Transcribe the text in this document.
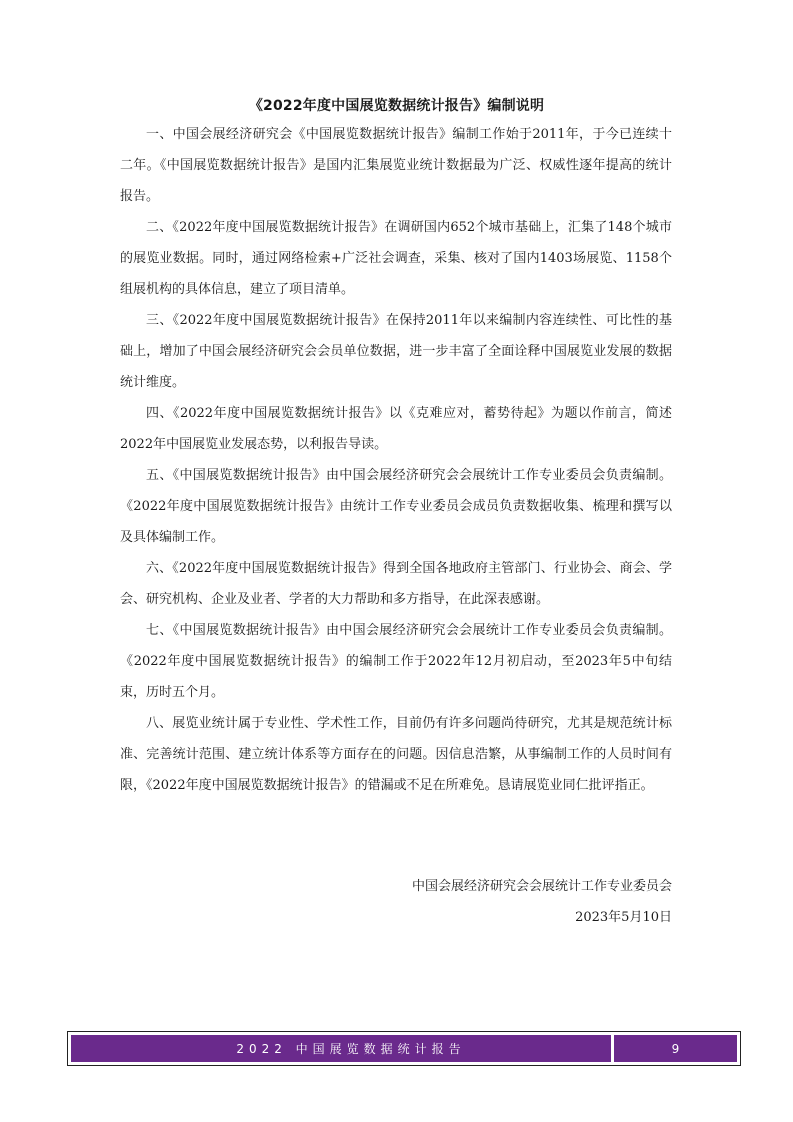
《2022年度中国展览数据统计报告》编制说明

一、中国会展经济研究会《中国展览数据统计报告》编制工作始于2011年，于今已连续十二年。《中国展览数据统计报告》是国内汇集展览业统计数据最为广泛、权威性逐年提高的统计报告。

二、《2022年度中国展览数据统计报告》在调研国内652个城市基础上，汇集了148个城市的展览业数据。同时，通过网络检索+广泛社会调查，采集、核对了国内1403场展览、1158个组展机构的具体信息，建立了项目清单。

三、《2022年度中国展览数据统计报告》在保持2011年以来编制内容连续性、可比性的基础上，增加了中国会展经济研究会会员单位数据，进一步丰富了全面诠释中国展览业发展的数据统计维度。

四、《2022年度中国展览数据统计报告》以《克难应对，蓄势待起》为题以作前言，简述2022年中国展览业发展态势，以利报告导读。

五、《中国展览数据统计报告》由中国会展经济研究会会展统计工作专业委员会负责编制。《2022年度中国展览数据统计报告》由统计工作专业委员会成员负责数据收集、梳理和撰写以及具体编制工作。

六、《2022年度中国展览数据统计报告》得到全国各地政府主管部门、行业协会、商会、学会、研究机构、企业及业者、学者的大力帮助和多方指导，在此深表感谢。

七、《中国展览数据统计报告》由中国会展经济研究会会展统计工作专业委员会负责编制。《2022年度中国展览数据统计报告》的编制工作于2022年12月初启动，至2023年5中旬结束，历时五个月。

八、展览业统计属于专业性、学术性工作，目前仍有许多问题尚待研究，尤其是规范统计标准、完善统计范围、建立统计体系等方面存在的问题。因信息浩繁，从事编制工作的人员时间有限，《2022年度中国展览数据统计报告》的错漏或不足在所难免。恳请展览业同仁批评指正。

中国会展经济研究会会展统计工作专业委员会
2023年5月10日
2022 中国展览数据统计报告	9
